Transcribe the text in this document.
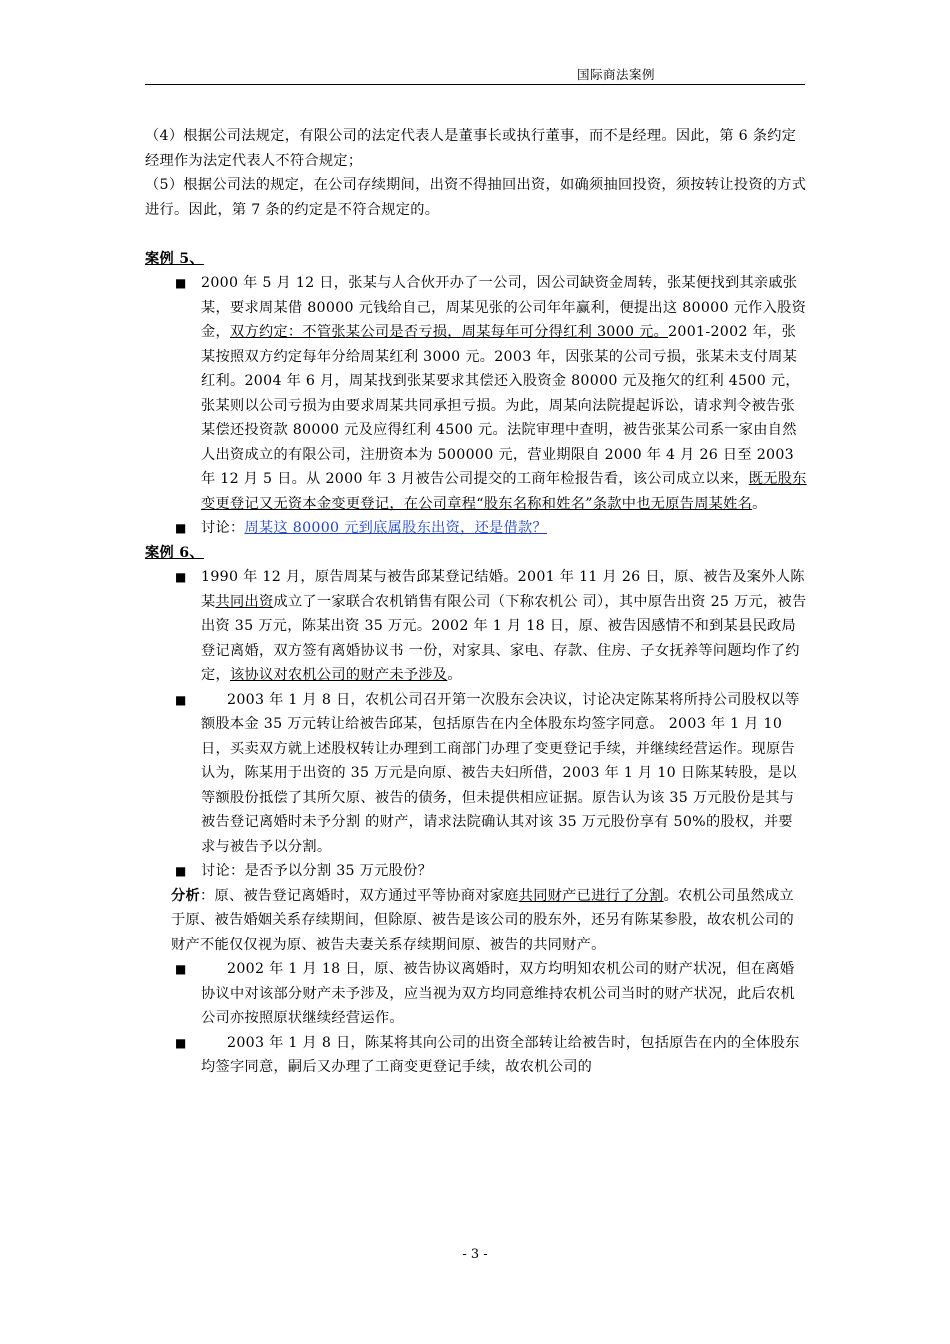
国际商法案例

（4）根据公司法规定，有限公司的法定代表人是董事长或执行董事，而不是经理。因此，第 6 条约定经理作为法定代表人不符合规定；

（5）根据公司法的规定，在公司存续期间，出资不得抽回出资，如确须抽回投资，须按转让投资的方式进行。因此，第 7 条的约定是不符合规定的。

案例 5、
■ 2000 年 5 月 12 日，张某与人合伙开办了一公司，因公司缺资金周转，张某便找到其亲戚张某，要求周某借 80000 元钱给自己，周某见张的公司年年赢利，便提出这 80000 元作入股资金，双方约定：不管张某公司是否亏损，周某每年可分得红利 3000 元。2001-2002 年，张某按照双方约定每年分给周某红利 3000 元。2003 年，因张某的公司亏损，张某未支付周某红利。2004 年 6 月，周某找到张某要求其偿还入股资金 80000 元及拖欠的红利 4500 元，张某则以公司亏损为由要求周某共同承担亏损。为此，周某向法院提起诉讼，请求判令被告张某偿还投资款 80000 元及应得红利 4500 元。法院审理中查明，被告张某公司系一家由自然人出资成立的有限公司，注册资本为 500000 元，营业期限自 2000 年 4 月 26 日至 2003 年 12 月 5 日。从 2000 年 3 月被告公司提交的工商年检报告看，该公司成立以来，既无股东变更登记又无资本金变更登记，在公司章程“股东名称和姓名”条款中也无原告周某姓名。
■ 讨论：周某这 80000 元到底属股东出资，还是借款？
案例 6、
■ 1990 年 12 月，原告周某与被告邱某登记结婚。2001 年 11 月 26 日，原、被告及案外人陈某共同出资成立了一家联合农机销售有限公司（下称农机公 司），其中原告出资 25 万元，被告出资 35 万元，陈某出资 35 万元。2002 年 1 月 18 日，原、被告因感情不和到某县民政局登记离婚，双方签有离婚协议书 一份，对家具、家电、存款、住房、子女抚养等问题均作了约定，该协议对农机公司的财产未予涉及。
■	2003 年 1 月 8 日，农机公司召开第一次股东会决议，讨论决定陈某将所持公司股权以等额股本金 35 万元转让给被告邱某，包括原告在内全体股东均签字同意。 2003 年 1 月 10 日，买卖双方就上述股权转让办理到工商部门办理了变更登记手续，并继续经营运作。现原告认为，陈某用于出资的 35 万元是向原、被告夫妇所借，2003 年 1 月 10 日陈某转股，是以等额股份抵偿了其所欠原、被告的债务，但未提供相应证据。原告认为该 35 万元股份是其与被告登记离婚时未予分割 的财产，请求法院确认其对该 35 万元股份享有 50%的股权，并要求与被告予以分割。
■ 讨论：是否予以分割 35 万元股份？

分析：原、被告登记离婚时，双方通过平等协商对家庭共同财产已进行了分割。农机公司虽然成立于原、被告婚姻关系存续期间，但除原、被告是该公司的股东外，还另有陈某参股，故农机公司的财产不能仅仅视为原、被告夫妻关系存续期间原、被告的共同财产。

■	2002 年 1 月 18 日，原、被告协议离婚时，双方均明知农机公司的财产状况，但在离婚协议中对该部分财产未予涉及，应当视为双方均同意维持农机公司当时的财产状况，此后农机公司亦按照原状继续经营运作。
■	2003 年 1 月 8 日，陈某将其向公司的出资全部转让给被告时，包括原告在内的全体股东均签字同意，嗣后又办理了工商变更登记手续，故农机公司的
- 3 -
